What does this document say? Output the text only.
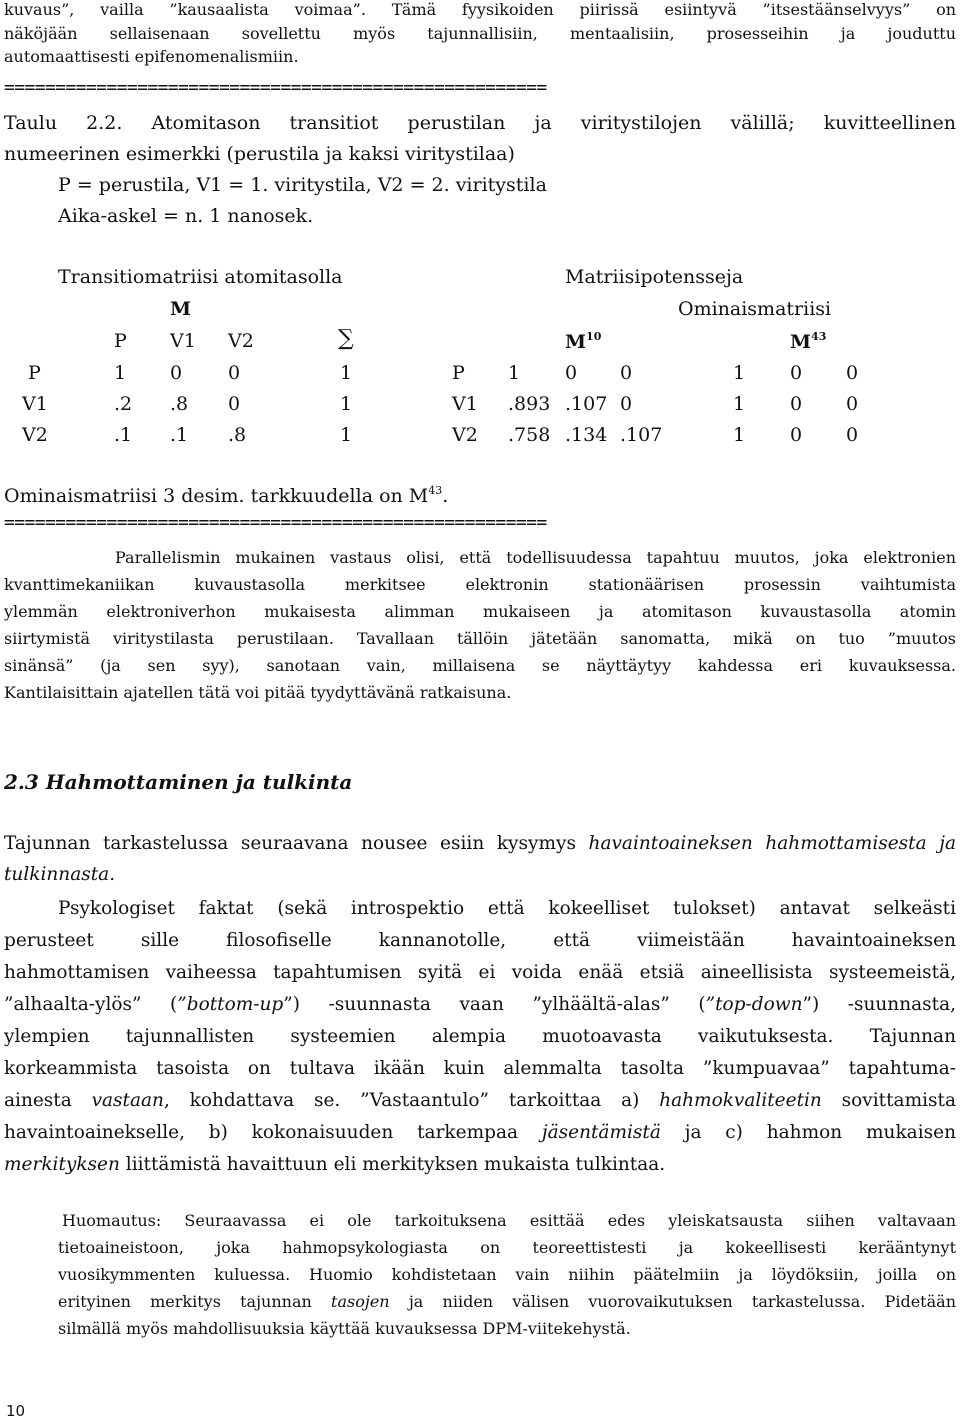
kuvaus”, vailla ”kausaalista voimaa”. Tämä fyysikoiden piirissä esiintyvä ”itsestäänselvyys” on
näköjään sellaisenaan sovellettu myös tajunnallisiin, mentaalisiin, prosesseihin ja jouduttu
automaattisesti epifenomenalismiin.
=====================================================
Taulu 2.2. Atomitason transitiot perustilan ja viritystilojen välillä; kuvitteellinen
numeerinen esimerkki (perustila ja kaksi viritystilaa)
P = perustila, V1 = 1. viritystila, V2 = 2. viritystila
Aika-askel = n. 1 nanosek.
Transitiomatriisi atomitasolla
M
Matriisipotensseja
Ominaismatriisi
P V1 V2	∑	$M^{10}$	$M^{43}$
P	1 0 0	1	P 1 0 0	1 0 0
V1	.2 .8 0	1	V1 .893 .107 0	1 0 0
V2	.1 .1 .8	1	V2 .758 .134 .107	1 0 0
Ominaismatriisi 3 desim. tarkkuudella on $M^{43}$.
=====================================================
Parallelismin mukainen vastaus olisi, että todellisuudessa tapahtuu muutos, joka elektronien
kvanttimekaniikan kuvaustasolla merkitsee elektronin stationäärisen prosessin vaihtumista
ylemmän elektroniverhon mukaisesta alimman mukaiseen ja atomitason kuvaustasolla atomin
siirtymistä viritystilasta perustilaan. Tavallaan tällöin jätetään sanomatta, mikä on tuo ”muutos
sinänsä” (ja sen syy), sanotaan vain, millaisena se näyttäytyy kahdessa eri kuvauksessa.
Kantilaisittain ajatellen tätä voi pitää tyydyttävänä ratkaisuna.
2.3 Hahmottaminen ja tulkinta
Tajunnan tarkastelussa seuraavana nousee esiin kysymys havaintoaineksen hahmottamisesta ja
tulkinnasta.
Psykologiset faktat (sekä introspektio että kokeelliset tulokset) antavat selkeästi
perusteet sille filosofiselle kannanotolle, että viimeistään havaintoaineksen
hahmottamisen vaiheessa tapahtumisen syitä ei voida enää etsiä aineellisista systeemeistä,
”alhaalta-ylös” (”bottom-up”) -suunnasta vaan ”ylhäältä-alas” (”top-down”) -suunnasta,
ylempien tajunnallisten systeemien alempia muotoavasta vaikutuksesta. Tajunnan
korkeammista tasoista on tultava ikään kuin alemmalta tasolta ”kumpuavaa” tapahtuma-
ainesta vastaan, kohdattava se. ”Vastaantulo” tarkoittaa a) hahmokvaliteetin sovittamista
havaintoainekselle, b) kokonaisuuden tarkempaa jäsentämistä ja c) hahmon mukaisen
merkityksen liittämistä havaittuun eli merkityksen mukaista tulkintaa.
Huomautus: Seuraavassa ei ole tarkoituksena esittää edes yleiskatsausta siihen valtavaan
tietoaineistoon, joka hahmopsykologiasta on teoreettistesti ja kokeellisesti kerääntynyt
vuosikymmenten kuluessa. Huomio kohdistetaan vain niihin päätelmiin ja löydöksiin, joilla on
erityinen merkitys tajunnan tasojen ja niiden välisen vuorovaikutuksen tarkastelussa. Pidetään
silmällä myös mahdollisuuksia käyttää kuvauksessa DPM-viitekehystä.
10
